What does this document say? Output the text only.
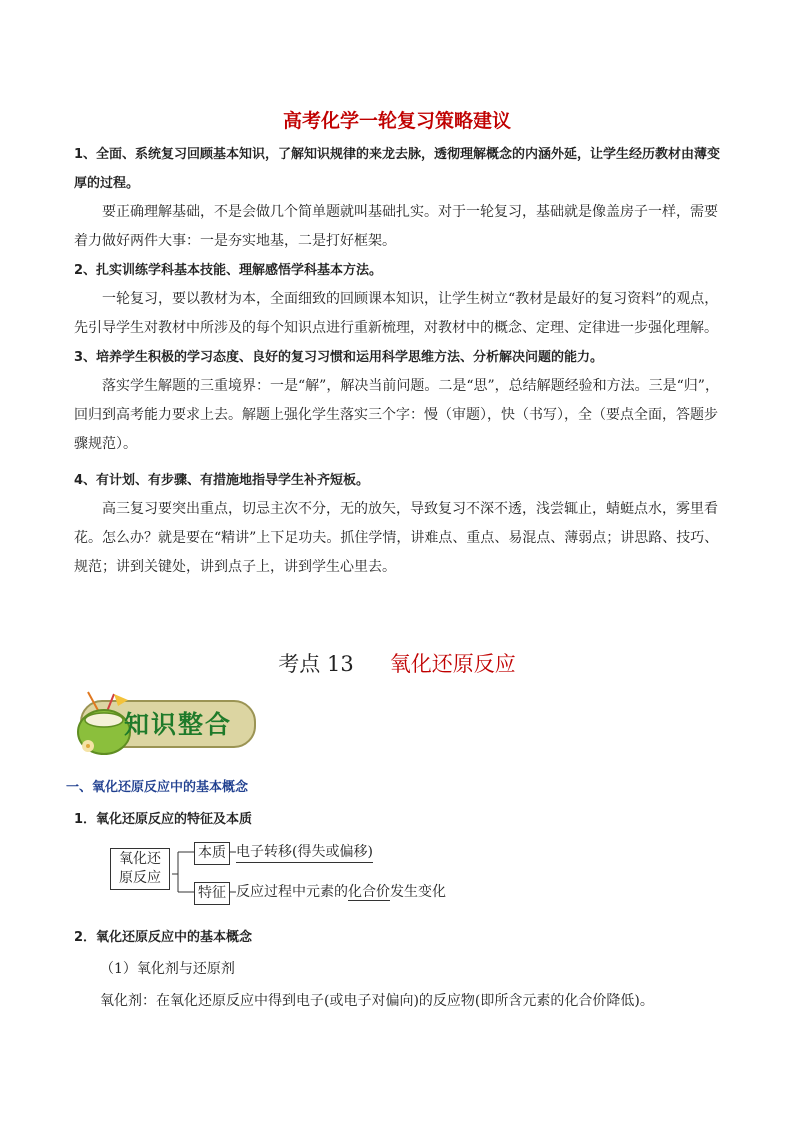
高考化学一轮复习策略建议

1、全面、系统复习回顾基本知识，了解知识规律的来龙去脉，透彻理解概念的内涵外延，让学生经历教材由薄变厚的过程。

要正确理解基础，不是会做几个简单题就叫基础扎实。对于一轮复习，基础就是像盖房子一样，需要着力做好两件大事：一是夯实地基，二是打好框架。

2、扎实训练学科基本技能、理解感悟学科基本方法。

一轮复习，要以教材为本，全面细致的回顾课本知识，让学生树立“教材是最好的复习资料”的观点，先引导学生对教材中所涉及的每个知识点进行重新梳理，对教材中的概念、定理、定律进一步强化理解。

3、培养学生积极的学习态度、良好的复习习惯和运用科学思维方法、分析解决问题的能力。

落实学生解题的三重境界：一是“解”，解决当前问题。二是“思”，总结解题经验和方法。三是“归”，回归到高考能力要求上去。解题上强化学生落实三个字：慢（审题），快（书写），全（要点全面，答题步骤规范）。

4、有计划、有步骤、有措施地指导学生补齐短板。

高三复习要突出重点，切忌主次不分，无的放矢，导致复习不深不透，浅尝辄止，蜻蜓点水，雾里看花。怎么办？就是要在“精讲”上下足功夫。抓住学情，讲难点、重点、易混点、薄弱点；讲思路、技巧、规范；讲到关键处，讲到点子上，讲到学生心里去。

考点 13 氧化还原反应
知识整合
一、氧化还原反应中的基本概念
1．氧化还原反应的特征及本质
氧化还
原反应
本质 电子转移(得失或偏移)
特征 反应过程中元素的化合价发生变化
2．氧化还原反应中的基本概念
（1）氧化剂与还原剂
氧化剂：在氧化还原反应中得到电子(或电子对偏向)的反应物(即所含元素的化合价降低)。
